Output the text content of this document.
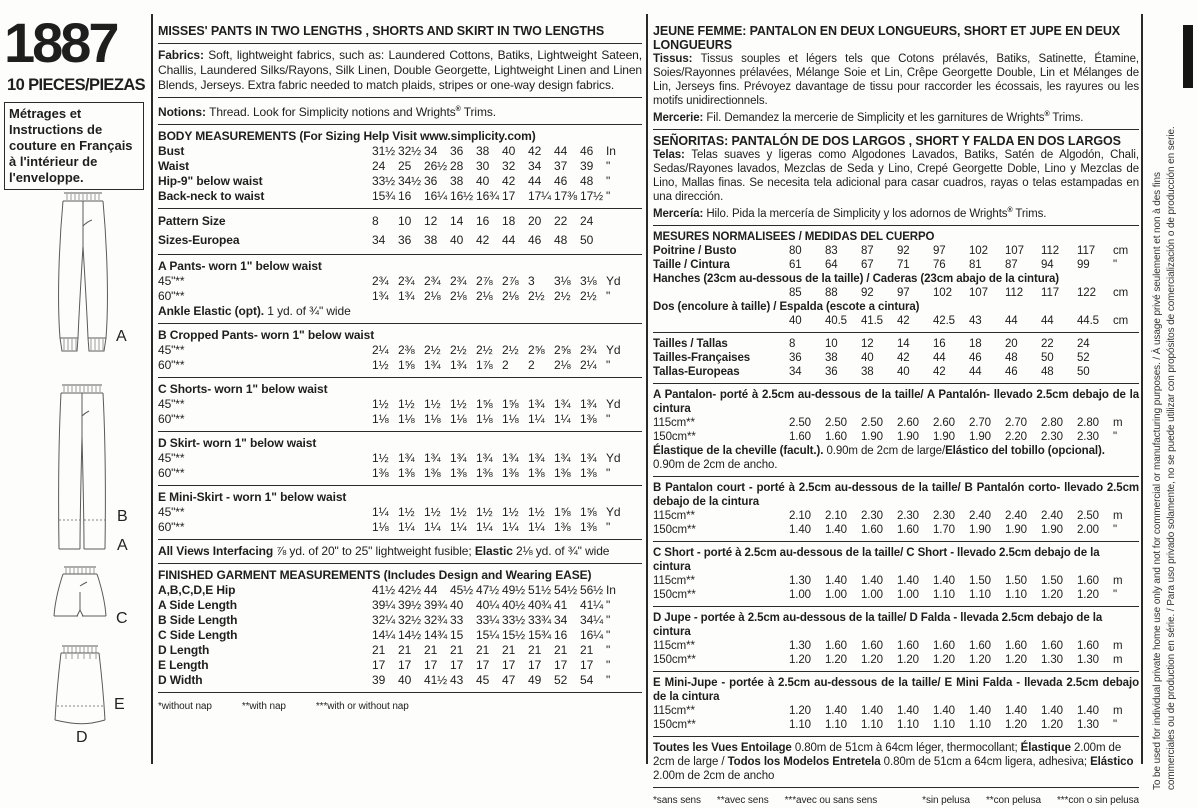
1887
10 PIECES/PIEZAS
Métrages et Instructions de couture en Français à l'intérieur de l'enveloppe.
A
B
A
C
E
D
MISSES' PANTS IN TWO LENGTHS , SHORTS AND SKIRT IN TWO LENGTHS
Fabrics: Soft, lightweight fabrics, such as: Laundered Cottons, Batiks, Lightweight Sateen, Challis, Laundered Silks/Rayons, Silk Linen, Double Georgette, Lightweight Linen and Linen Blends, Jerseys. Extra fabric needed to match plaids, stripes or one-way design fabrics.
Notions: Thread. Look for Simplicity notions and Wrights® Trims.
BODY MEASUREMENTS (For Sizing Help Visit www.simplicity.com)
Bust	31½ 32½ 34	36	38	40	42	44	46	In
Waist	24	25	26½ 28	30	32	34	37	39	"
Hip-9" below waist	33½ 34½ 36	38	40	42	44	46	48	"
Back-neck to waist	15¾ 16	16¼ 16½ 16¾ 17	17¼ 17⅜ 17½ "
Pattern Size	8	10	12	14	16	18	20	22	24
Sizes-Europea	34	36	38	40	42	44	46	48	50
A Pants- worn 1" below waist
45"**	2¾ 2¾ 2¾ 2¾ 2⅞ 2⅞ 3	3⅛ 3⅛ Yd
60"**	1¾ 1¾ 2⅛ 2⅛ 2⅛ 2⅛ 2½ 2½ 2½ "
Ankle Elastic (opt). 1 yd. of ¾" wide
B Cropped Pants- worn 1" below waist
45"**	2¼ 2⅜ 2½ 2½ 2½ 2½ 2⅝ 2⅝ 2¾ Yd
60"**	1½ 1⅝ 1¾ 1¾ 1⅞ 2	2	2⅛ 2¼ "
C Shorts- worn 1" below waist
45"**	1½ 1½ 1½ 1½ 1⅝ 1⅝ 1¾ 1¾ 1¾ Yd
60"**	1⅛ 1⅛ 1⅛ 1⅛ 1⅛ 1⅛ 1¼ 1¼ 1⅜ "
D Skirt- worn 1" below waist
45"**	1½ 1¾ 1¾ 1¾ 1¾ 1¾ 1¾ 1¾ 1¾ Yd
60"**	1⅜ 1⅜ 1⅜ 1⅜ 1⅜ 1⅜ 1⅜ 1⅜ 1⅜ "
E Mini-Skirt - worn 1" below waist
45"**	1¼ 1½ 1½ 1½ 1½ 1½ 1½ 1⅝ 1⅝ Yd
60"**	1⅛ 1¼ 1¼ 1¼ 1¼ 1¼ 1¼ 1⅜ 1⅜ "
All Views Interfacing ⅞ yd. of 20" to 25" lightweight fusible; Elastic 2⅛ yd. of ¾" wide
FINISHED GARMENT MEASUREMENTS (Includes Design and Wearing EASE)
A,B,C,D,E Hip	41½ 42½ 44	45½ 47½ 49½ 51½ 54½ 56½ In
A Side Length	39¼ 39½ 39¾ 40	40¼ 40½ 40¾ 41	41¼ "
B Side Length	32¼ 32½ 32¾ 33	33¼ 33½ 33¾ 34	34¼ "
C Side Length	14¼ 14½ 14¾ 15	15¼ 15½ 15¾ 16	16¼ "
D Length	21	21	21	21	21	21	21	21	21	"
E Length	17	17	17	17	17	17	17	17	17	"
D Width	39	40	41½ 43	45	47	49	52	54	"
*without nap	**with nap	***with or without nap
JEUNE FEMME: PANTALON EN DEUX LONGUEURS, SHORT ET JUPE EN DEUX LONGUEURS
Tissus: Tissus souples et légers tels que Cotons prélavés, Batiks, Satinette, Étamine, Soies/Rayonnes prélavées, Mélange Soie et Lin, Crêpe Georgette Double, Lin et Mélanges de Lin, Jerseys fins. Prévoyez davantage de tissu pour raccorder les écossais, les rayures ou les motifs unidirectionnels.
Mercerie: Fil. Demandez la mercerie de Simplicity et les garnitures de Wrights® Trims.
SEÑORITAS: PANTALÓN DE DOS LARGOS , SHORT Y FALDA EN DOS LARGOS
Telas: Telas suaves y ligeras como Algodones Lavados, Batiks, Satén de Algodón, Chali, Sedas/Rayones lavados, Mezclas de Seda y Lino, Crepé Georgette Doble, Lino y Mezclas de Lino, Mallas finas. Se necesita tela adicional para casar cuadros, rayas o telas estampadas en una dirección.
Mercería: Hilo. Pida la mercería de Simplicity y los adornos de Wrights® Trims.
MESURES NORMALISEES / MEDIDAS DEL CUERPO
Poitrine / Busto	80	83	87	92	97	102	107	112	117	cm
Taille / Cintura	61	64	67	71	76	81	87	94	99	"
Hanches (23cm au-dessous de la taille) / Caderas (23cm abajo de la cintura)
85	88	92	97	102	107	112	117	122	cm
Dos (encolure à taille) / Espalda (escote a cintura)
40	40.5	41.5	42	42.5	43	44	44	44.5	cm
Tailles / Tallas	8	10	12	14	16	18	20	22	24
Tailles-Françaises	36	38	40	42	44	46	48	50	52
Tallas-Europeas	34	36	38	40	42	44	46	48	50
A Pantalon- porté à 2.5cm au-dessous de la taille/ A Pantalón- llevado 2.5cm debajo de la cintura
115cm**	2.50	2.50	2.50	2.60	2.60	2.70	2.70	2.80	2.80	m
150cm**	1.60	1.60	1.90	1.90	1.90	1.90	2.20	2.30	2.30	"
Élastique de la cheville (facult.). 0.90m de 2cm de large/Elástico del tobillo (opcional). 0.90m de 2cm de ancho.
B Pantalon court - porté à 2.5cm au-dessous de la taille/ B Pantalón corto- llevado 2.5cm debajo de la cintura
115cm**	2.10	2.10	2.30	2.30	2.30	2.40	2.40	2.40	2.50	m
150cm**	1.40	1.40	1.60	1.60	1.70	1.90	1.90	1.90	2.00	"
C Short - porté à 2.5cm au-dessous de la taille/ C Short - llevado 2.5cm debajo de la cintura
115cm**	1.30	1.40	1.40	1.40	1.40	1.50	1.50	1.50	1.60	m
150cm**	1.00	1.00	1.00	1.00	1.10	1.10	1.10	1.20	1.20	"
D Jupe - portée à 2.5cm au-dessous de la taille/ D Falda - llevada 2.5cm debajo de la cintura
115cm**	1.30	1.60	1.60	1.60	1.60	1.60	1.60	1.60	1.60	m
150cm**	1.20	1.20	1.20	1.20	1.20	1.20	1.20	1.30	1.30	m
E Mini-Jupe - portée à 2.5cm au-dessous de la taille/ E Mini Falda - llevada 2.5cm debajo de la cintura
115cm**	1.20	1.40	1.40	1.40	1.40	1.40	1.40	1.40	1.40	m
150cm**	1.10	1.10	1.10	1.10	1.10	1.10	1.20	1.20	1.30	"
Toutes les Vues Entoilage 0.80m de 51cm à 64cm léger, thermocollant; Élastique 2.00m de 2cm de large / Todos los Modelos Entretela 0.80m de 51cm a 64cm ligera, adhesiva; Elástico 2.00m de 2cm de ancho
*sans sens **avec sens ***avec ou sans sens	*sin pelusa **con pelusa ***con o sin pelusa
To be used for individual private home use only and not for commercial or manufacturing purposes. / À usage privé seulement et non à des fins commerciales ou de production en série. / Para uso privado solamente, no se puede utilizar con propósitos de comercialización o de producción en serie.
